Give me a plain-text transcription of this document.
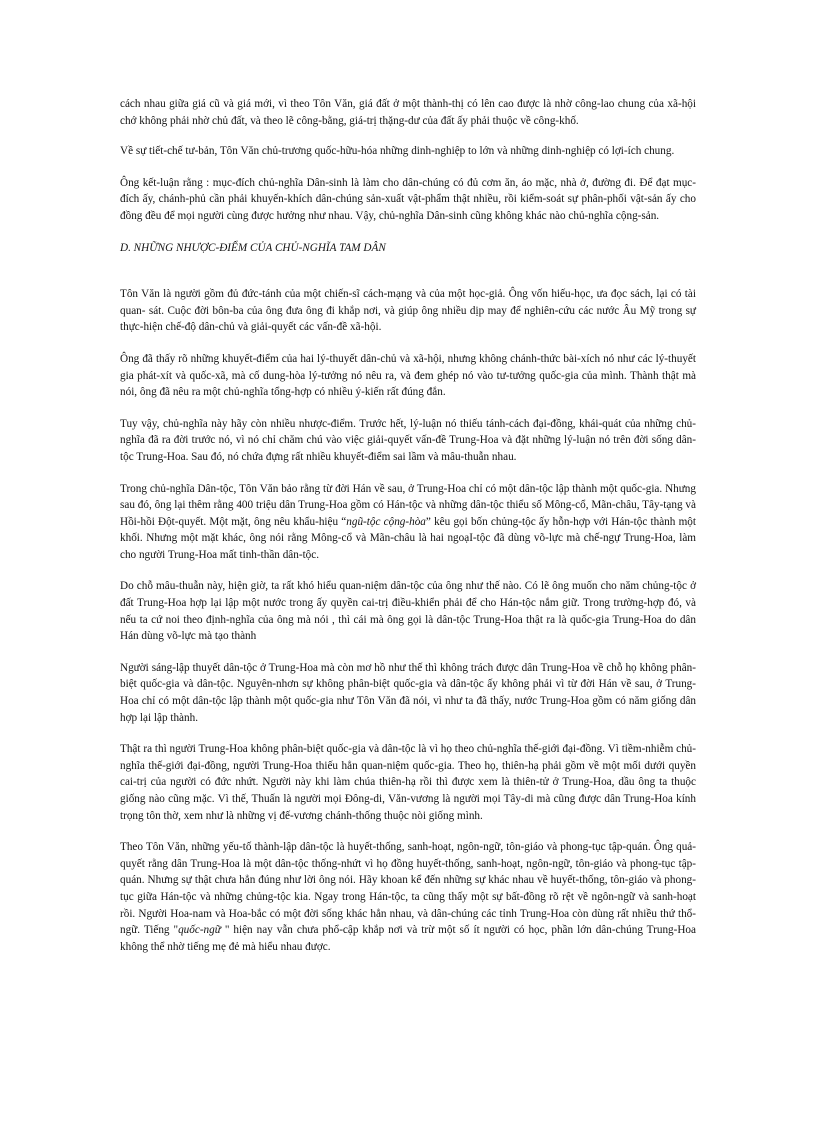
cách nhau giữa giá cũ và giá mới, vì theo Tôn Văn, giá đất ở một thành-thị có lên cao được là nhờ công-lao chung của xã-hội chớ không phải nhờ chủ đất, và theo lẽ công-bằng, giá-trị thặng-dư của đất ấy phải thuộc về công-khố.

Về sự tiết-chế tư-bản, Tôn Văn chủ-trương quốc-hữu-hóa những dinh-nghiệp to lớn và những dinh-nghiệp có lợi-ích chung.

Ông kết-luận rằng : mục-đích chủ-nghĩa Dân-sinh là làm cho dân-chúng có đủ cơm ăn, áo mặc, nhà ở, đường đi. Để đạt mục-đích ấy, chánh-phủ cần phải khuyến-khích dân-chúng sản-xuất vật-phẩm thật nhiều, rồi kiểm-soát sự phân-phối vật-sản ấy cho đồng đều để mọi người cùng được hưởng như nhau. Vậy, chủ-nghĩa Dân-sinh cũng không khác nào chủ-nghĩa cộng-sản.

D. NHỮNG NHƯỢC-ĐIỂM CỦA CHỦ-NGHĨA TAM DÂN

Tôn Văn là người gồm đủ đức-tánh của một chiến-sĩ cách-mạng và của một học-giả. Ông vốn hiếu-học, ưa đọc sách, lại có tài quan- sát. Cuộc đời bôn-ba của ông đưa ông đi khắp nơi, và giúp ông nhiều dịp may để nghiên-cứu các nước Âu Mỹ trong sự thực-hiện chế-độ dân-chủ và giải-quyết các vấn-đề xã-hội.

Ông đã thấy rõ những khuyết-điểm của hai lý-thuyết dân-chủ và xã-hội, nhưng không chánh-thức bài-xích nó như các lý-thuyết gia phát-xít và quốc-xã, mà cố dung-hòa lý-tưởng nó nêu ra, và đem ghép nó vào tư-tưởng quốc-gia của mình. Thành thật mà nói, ông đã nêu ra một chủ-nghĩa tổng-hợp có nhiều ý-kiến rất đúng đắn.

Tuy vậy, chủ-nghĩa này hãy còn nhiều nhược-điểm. Trước hết, lý-luận nó thiếu tánh-cách đại-đồng, khái-quát của những chủ-nghĩa đã ra đời trước nó, vì nó chỉ chăm chú vào việc giải-quyết vấn-đề Trung-Hoa và đặt những lý-luận nó trên đời sống dân-tộc Trung-Hoa. Sau đó, nó chứa đựng rất nhiều khuyết-điểm sai lầm và mâu-thuẫn nhau.

Trong chủ-nghĩa Dân-tộc, Tôn Văn bảo rằng từ đời Hán về sau, ở Trung-Hoa chỉ có một dân-tộc lập thành một quốc-gia. Nhưng sau đó, ông lại thêm rằng 400 triệu dân Trung-Hoa gồm có Hán-tộc và những dân-tộc thiểu số Mông-cổ, Mãn-châu, Tây-tạng và Hồi-hồi Đột-quyết. Một mặt, ông nêu khẩu-hiệu “ngũ-tộc cộng-hòa” kêu gọi bốn chủng-tộc ấy hỗn-hợp với Hán-tộc thành một khối. Nhưng một mặt khác, ông nói rằng Mông-cổ và Mãn-châu là hai ngoạI-tộc đã dùng võ-lực mà chế-ngự Trung-Hoa, làm cho người Trung-Hoa mất tinh-thần dân-tộc.

Do chỗ mâu-thuẫn này, hiện giờ, ta rất khó hiểu quan-niệm dân-tộc của ông như thế nào. Có lẽ ông muốn cho năm chủng-tộc ở đất Trung-Hoa hợp lại lập một nước trong ấy quyền cai-trị điều-khiển phải để cho Hán-tộc nắm giữ. Trong trường-hợp đó, và nếu ta cứ noi theo định-nghĩa của ông mà nói , thì cái mà ông gọi là dân-tộc Trung-Hoa thật ra là quốc-gia Trung-Hoa do dân Hán dùng võ-lực mà tạo thành

Người sáng-lập thuyết dân-tộc ở Trung-Hoa mà còn mơ hồ như thế thì không trách được dân Trung-Hoa về chỗ họ không phân-biệt quốc-gia và dân-tộc. Nguyên-nhơn sự không phân-biệt quốc-gia và dân-tộc ấy không phải vì từ đời Hán về sau, ở Trung-Hoa chỉ có một dân-tộc lập thành một quốc-gia như Tôn Văn đã nói, vì như ta đã thấy, nước Trung-Hoa gồm có năm giống dân hợp lại lập thành.

Thật ra thì người Trung-Hoa không phân-biệt quốc-gia và dân-tộc là vì họ theo chủ-nghĩa thế-giới đại-đồng. Vì tiềm-nhiễm chủ-nghĩa thế-giới đại-đồng, người Trung-Hoa thiếu hẳn quan-niệm quốc-gia. Theo họ, thiên-hạ phải gồm về một mối dưới quyền cai-trị của người có đức nhứt. Người này khi làm chúa thiên-hạ rồi thì được xem là thiên-tử ở Trung-Hoa, dầu ông ta thuộc giống nào cũng mặc. Vì thế, Thuấn là người mọi Đông-di, Văn-vương là người mọi Tây-di mà cũng được dân Trung-Hoa kính trọng tôn thờ, xem như là những vị đế-vương chánh-thống thuộc nòi giống mình.

Theo Tôn Văn, những yếu-tố thành-lập dân-tộc là huyết-thống, sanh-hoạt, ngôn-ngữ, tôn-giáo và phong-tục tập-quán. Ông quả-quyết rằng dân Trung-Hoa là một dân-tộc thống-nhứt vì họ đồng huyết-thống, sanh-hoạt, ngôn-ngữ, tôn-giáo và phong-tục tập-quán. Nhưng sự thật chưa hẳn đúng như lời ông nói. Hãy khoan kể đến những sự khác nhau về huyết-thống, tôn-giáo và phong-tục giữa Hán-tộc và những chủng-tộc kia. Ngay trong Hán-tộc, ta cũng thấy một sự bất-đồng rõ rệt về ngôn-ngữ và sanh-hoạt rồi. Người Hoa-nam và Hoa-bắc có một đời sống khác hẳn nhau, và dân-chúng các tỉnh Trung-Hoa còn dùng rất nhiều thứ thổ-ngữ. Tiếng "quốc-ngữ " hiện nay vẫn chưa phổ-cập khắp nơi và trừ một số ít người có học, phần lớn dân-chúng Trung-Hoa không thể nhờ tiếng mẹ đẻ mà hiểu nhau được.
